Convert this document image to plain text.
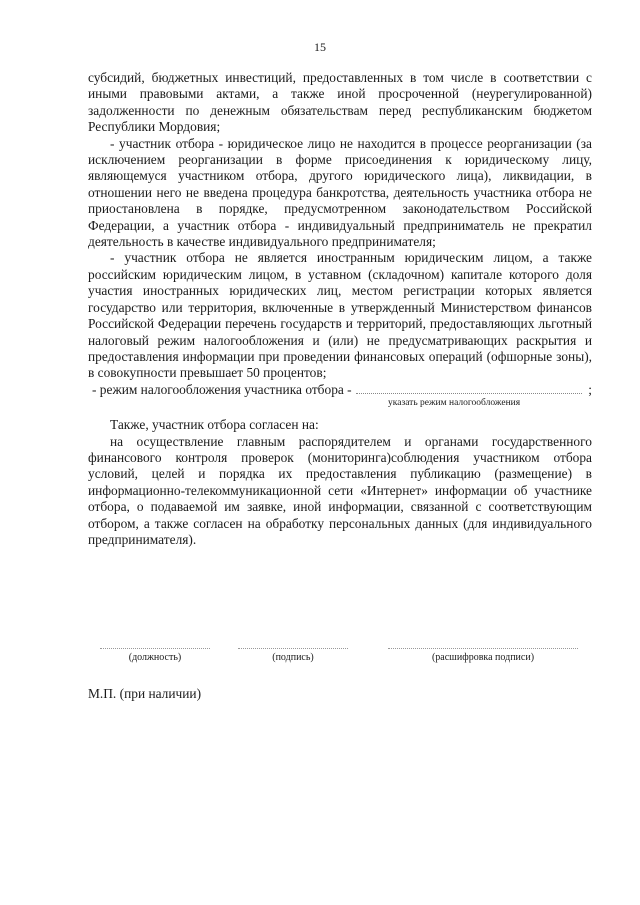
15

субсидий, бюджетных инвестиций, предоставленных в том числе в соответствии с иными правовыми актами, а также иной просроченной (неурегулированной) задолженности по денежным обязательствам перед республиканским бюджетом Республики Мордовия;

- участник отбора - юридическое лицо не находится в процессе реорганизации (за исключением реорганизации в форме присоединения к юридическому лицу, являющемуся участником отбора, другого юридического лица), ликвидации, в отношении него не введена процедура банкротства, деятельность участника отбора не приостановлена в порядке, предусмотренном законодательством Российской Федерации, а участник отбора - индивидуальный предприниматель не прекратил деятельность в качестве индивидуального предпринимателя;

- участник отбора не является иностранным юридическим лицом, а также российским юридическим лицом, в уставном (складочном) капитале которого доля участия иностранных юридических лиц, местом регистрации которых является государство или территория, включенные в утвержденный Министерством финансов Российской Федерации перечень государств и территорий, предоставляющих льготный налоговый режим налогообложения и (или) не предусматривающих раскрытия и предоставления информации при проведении финансовых операций (офшорные зоны), в совокупности превышает 50 процентов;

- режим налогообложения участника отбора -	;
указать режим налогообложения

Также, участник отбора согласен на:

на осуществление главным распорядителем и органами государственного финансового контроля проверок (мониторинга)соблюдения участником отбора условий, целей и порядка их предоставления публикацию (размещение) в информационно-телекоммуникационной сети «Интернет» информации об участнике отбора, о подаваемой им заявке, иной информации, связанной с соответствующим отбором, а также согласен на обработку персональных данных (для индивидуального предпринимателя).

(должность)	(подпись)	(расшифровка подписи)
М.П. (при наличии)
